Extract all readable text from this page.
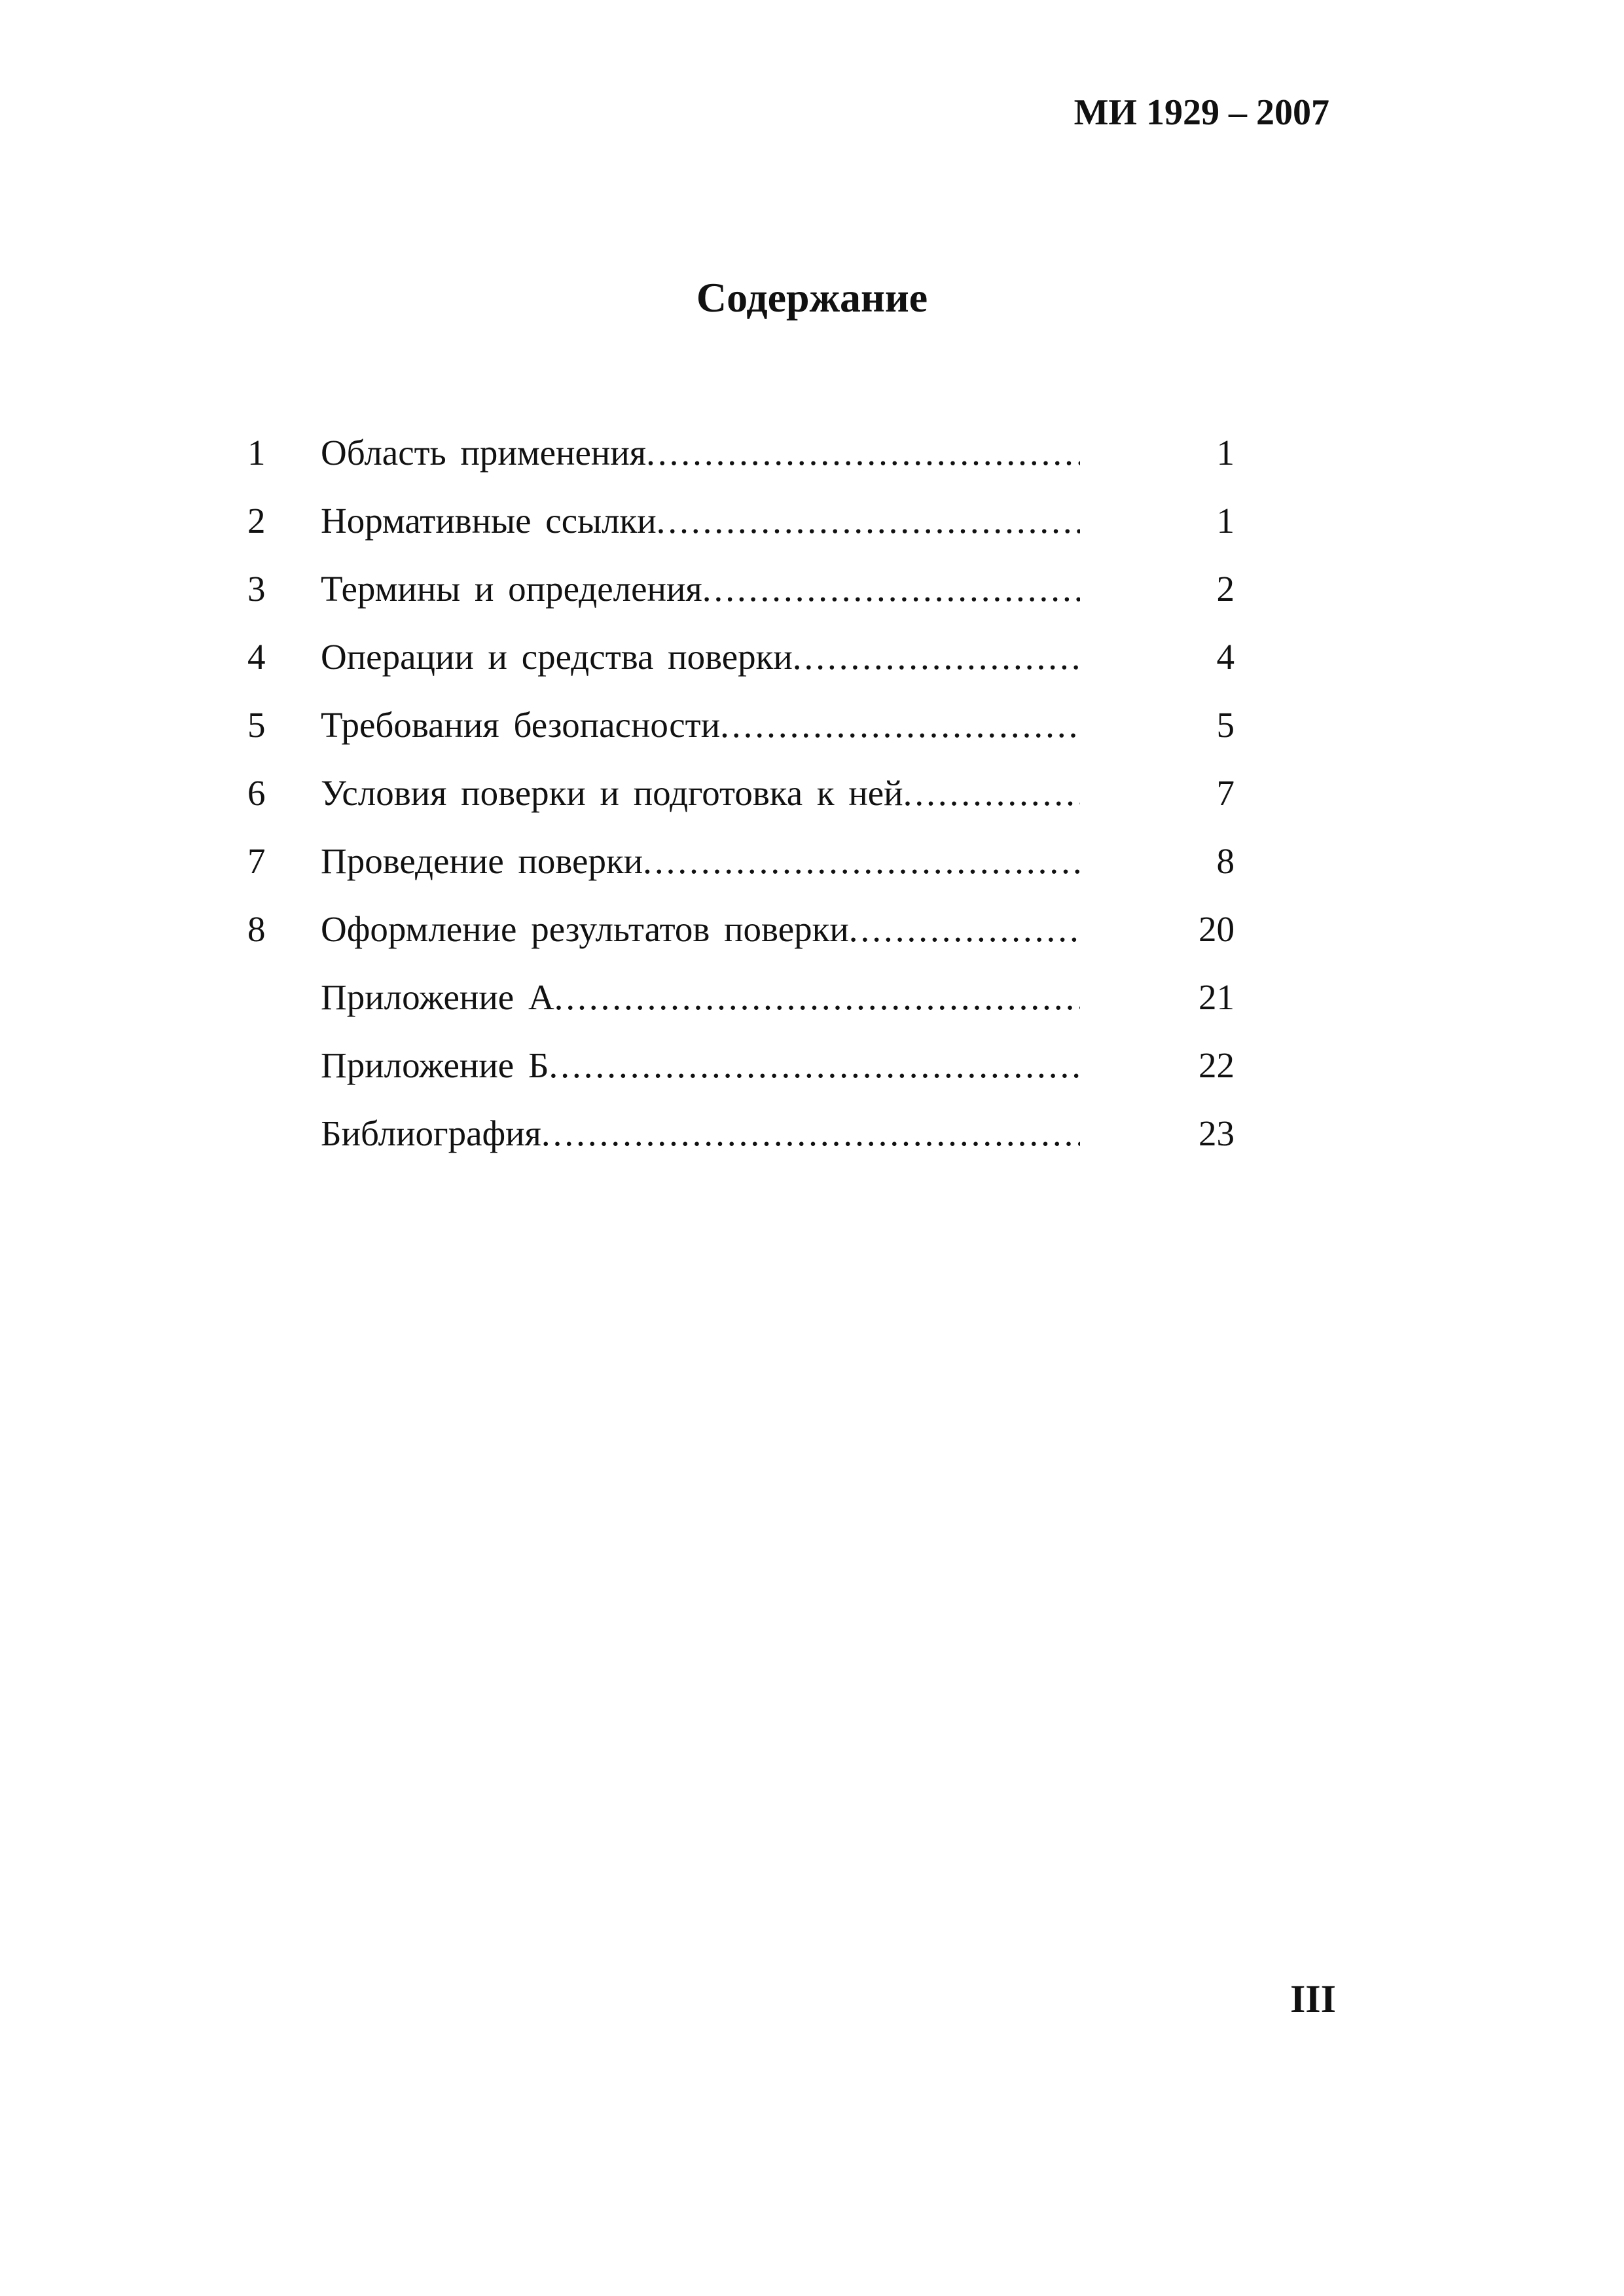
МИ 1929 – 2007
Содержание
1	Область применения .....	1
2	Нормативные ссылки .....	1
3	Термины и определения .....	2
4	Операции и средства поверки .....	4
5	Требования безопасности .....	5
6	Условия поверки и подготовка к ней .....	7
7	Проведение поверки .....	8
8	Оформление результатов поверки .....	20
Приложение А .....	21
Приложение Б .....	22
Библиография .....	23
III
